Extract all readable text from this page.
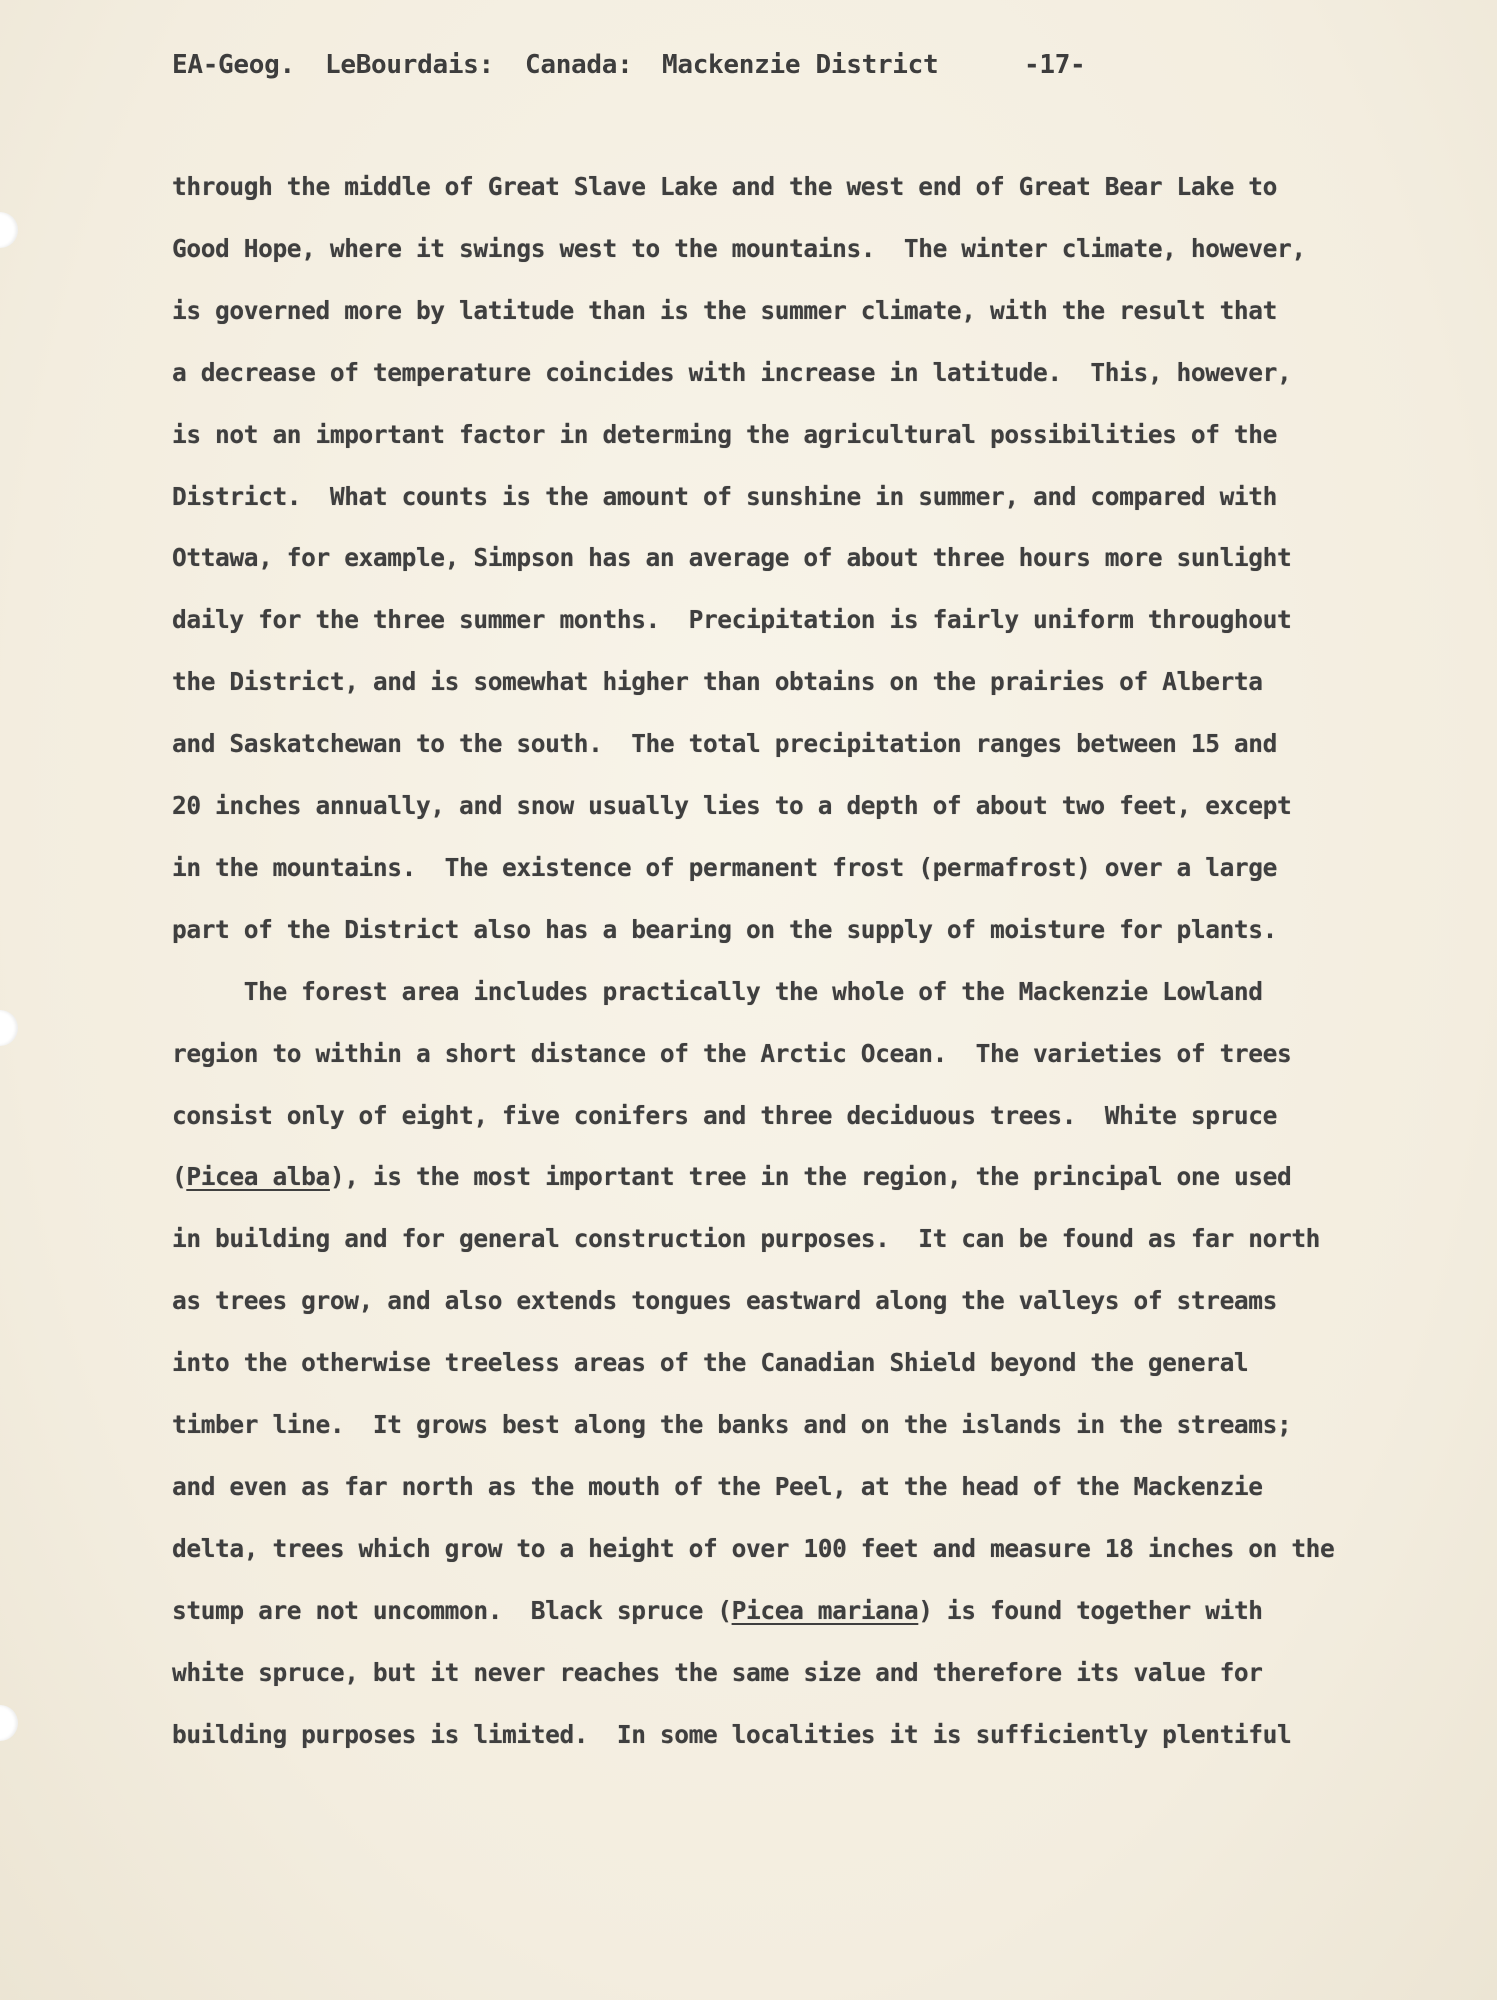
EA-Geog.

LeBourdais:

Canada:

Mackenzie District

	-17-

through the middle of Great Slave Lake and the west end of Great Bear Lake to
Good Hope, where it swings west to the mountains.  The winter climate, however,
is governed more by latitude than is the summer climate, with the result that
a decrease of temperature coincides with increase in latitude.  This, however,
is not an important factor in determing the agricultural possibilities of the
District.  What counts is the amount of sunshine in summer, and compared with
Ottawa, for example, Simpson has an average of about three hours more sunlight
daily for the three summer months.  Precipitation is fairly uniform throughout
the District, and is somewhat higher than obtains on the prairies of Alberta
and Saskatchewan to the south.  The total precipitation ranges between 15 and
20 inches annually, and snow usually lies to a depth of about two feet, except
in the mountains.  The existence of permanent frost (permafrost) over a large
part of the District also has a bearing on the supply of moisture for plants.
The forest area includes practically the whole of the Mackenzie Lowland
region to within a short distance of the Arctic Ocean.  The varieties of trees
consist only of eight, five conifers and three deciduous trees.  White spruce
(Picea alba), is the most important tree in the region, the principal one used
in building and for general construction purposes.  It can be found as far north
as trees grow, and also extends tongues eastward along the valleys of streams
into the otherwise treeless areas of the Canadian Shield beyond the general
timber line.  It grows best along the banks and on the islands in the streams;
and even as far north as the mouth of the Peel, at the head of the Mackenzie
delta, trees which grow to a height of over 100 feet and measure 18 inches on the
stump are not uncommon.  Black spruce (Picea mariana) is found together with
white spruce, but it never reaches the same size and therefore its value for
building purposes is limited.  In some localities it is sufficiently plentiful
